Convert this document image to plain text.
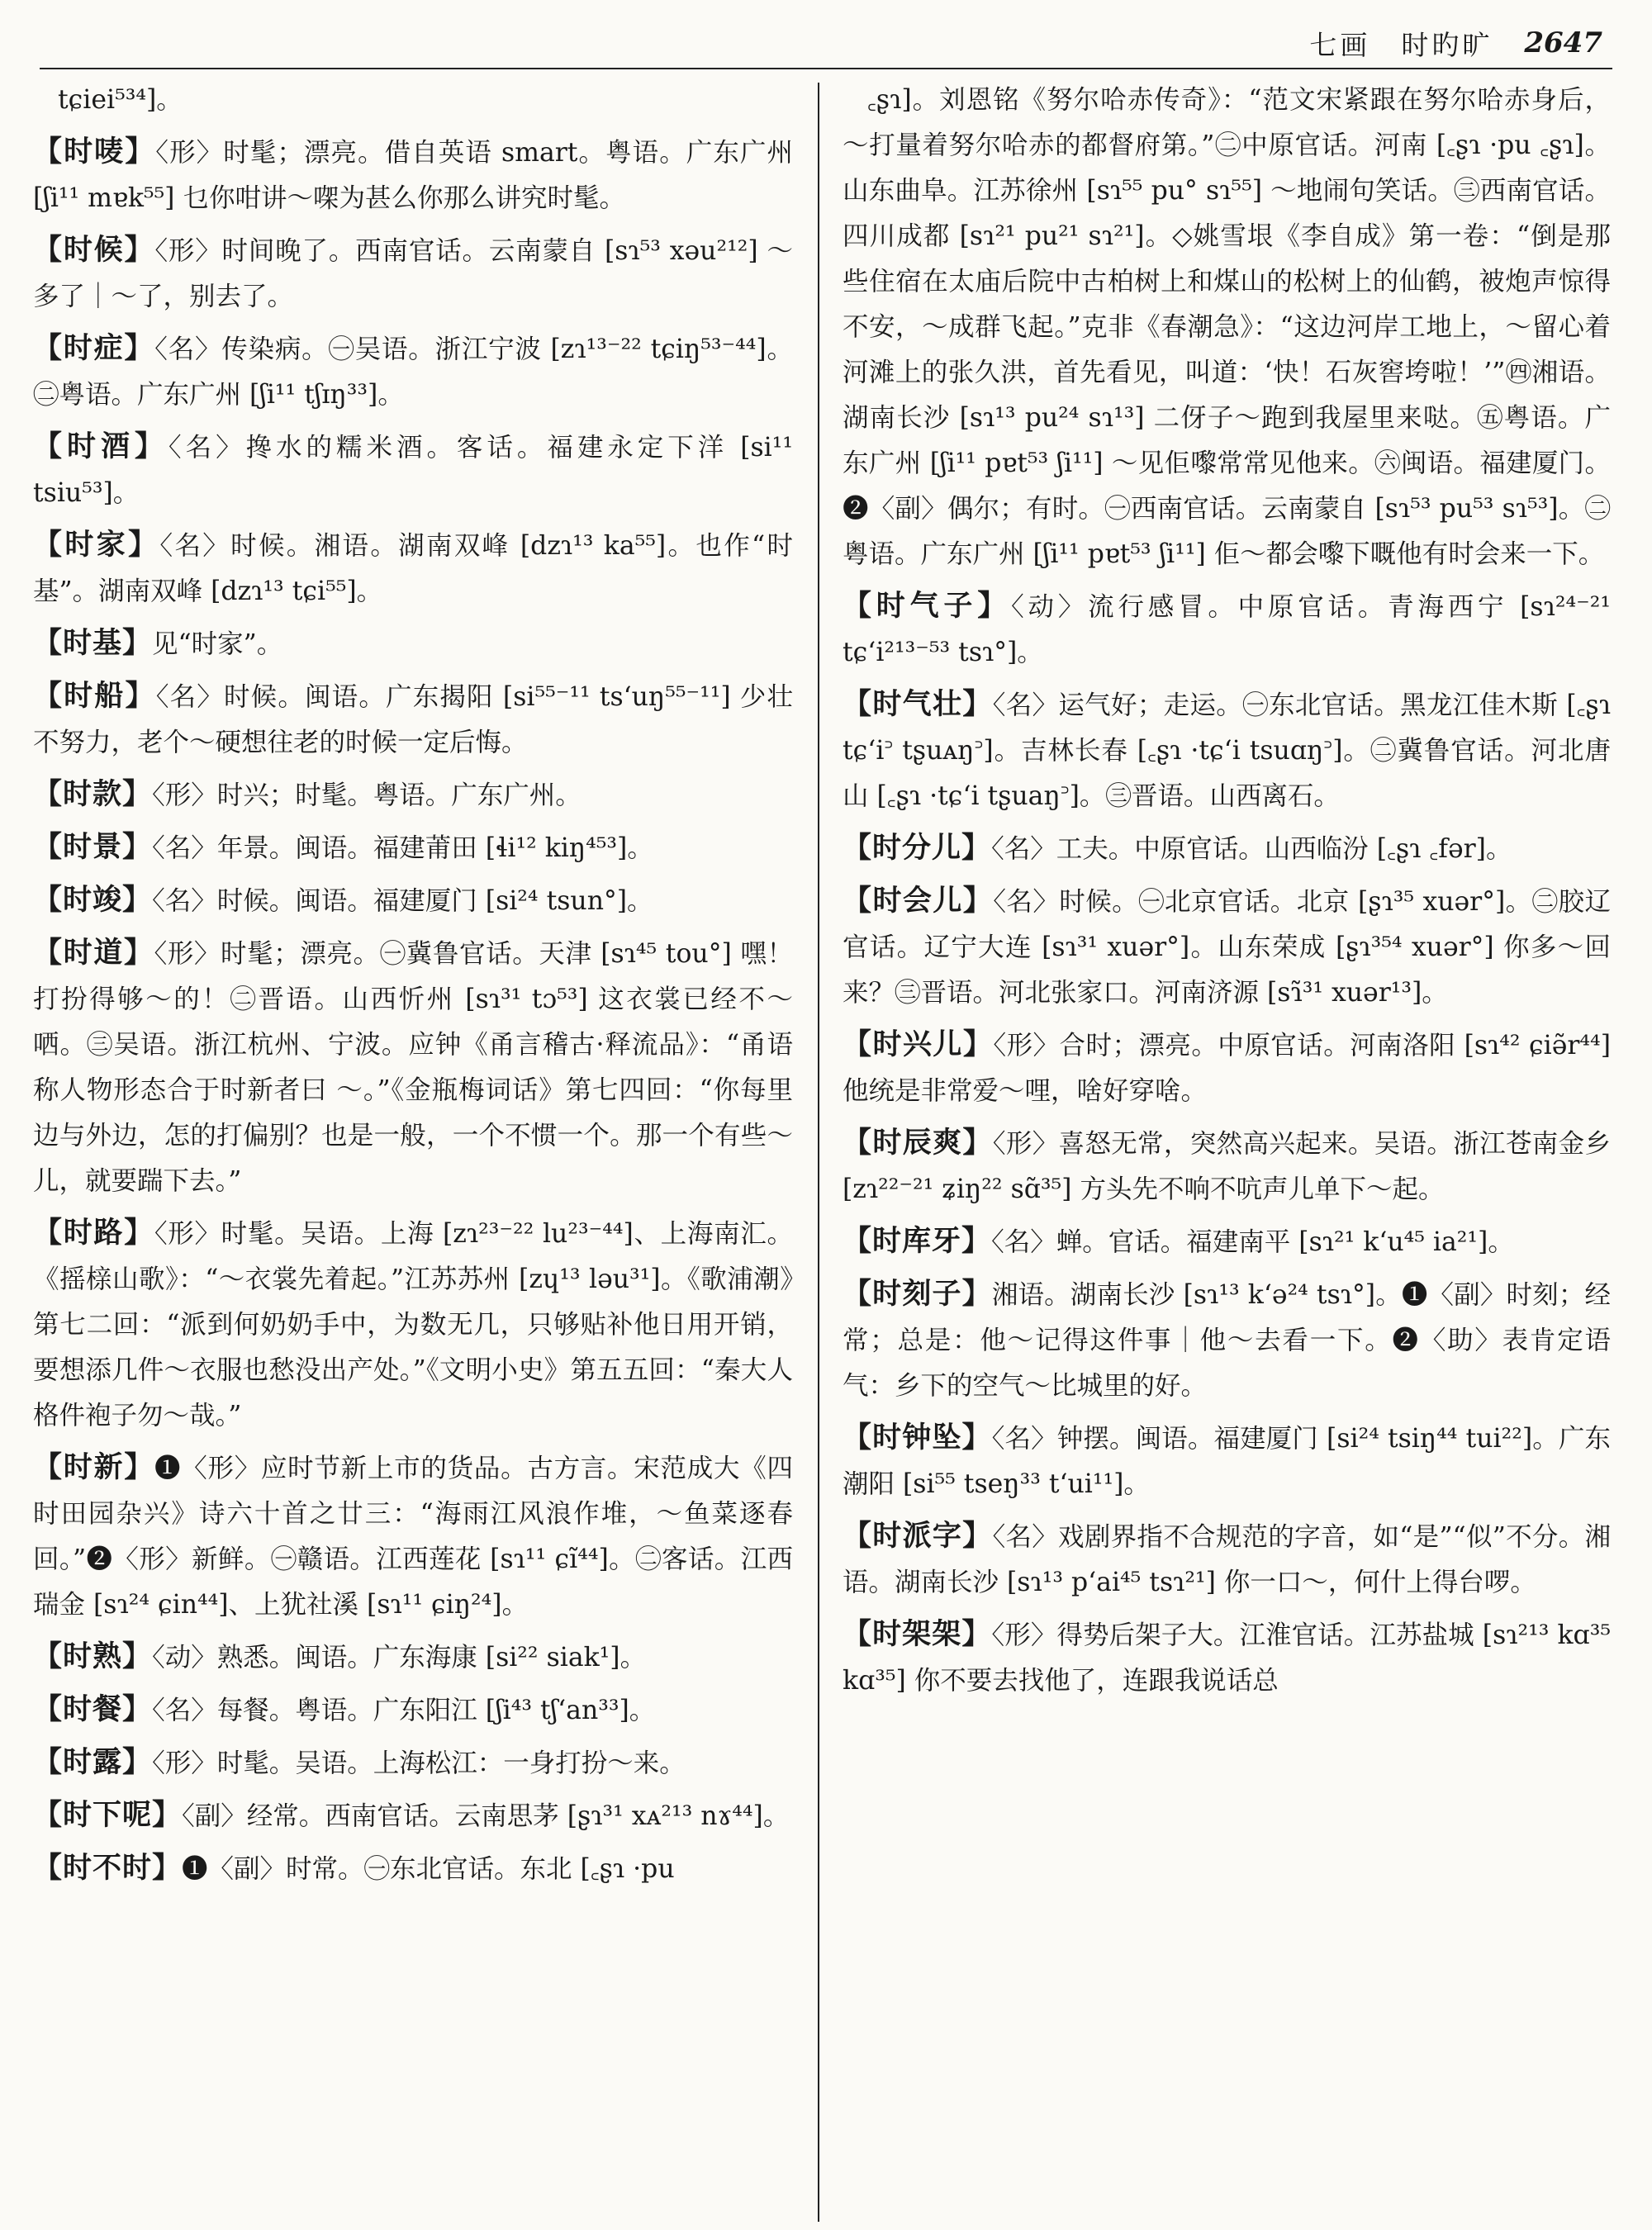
七画　时旳旷 2647

tɕiei⁵³⁴]。

【时唛】〈形〉时髦；漂亮。借自英语 smart。粤语。广东广州 [ʃi¹¹ mɐk⁵⁵] 乜你咁讲～㗎为甚么你那么讲究时髦。

【时候】〈形〉时间晚了。西南官话。云南蒙自 [sɿ⁵³ xəu²¹²] ～多了｜～了，别去了。

【时症】〈名〉传染病。㊀吴语。浙江宁波 [zɿ¹³⁻²² tɕiŋ⁵³⁻⁴⁴]。㊁粤语。广东广州 [ʃi¹¹ tʃɪŋ³³]。

【时酒】〈名〉搀水的糯米酒。客话。福建永定下洋 [si¹¹ tsiu⁵³]。

【时家】〈名〉时候。湘语。湖南双峰 [dzɿ¹³ ka⁵⁵]。也作“时基”。湖南双峰 [dzɿ¹³ tɕi⁵⁵]。

【时基】见“时家”。

【时船】〈名〉时候。闽语。广东揭阳 [si⁵⁵⁻¹¹ tsʻuŋ⁵⁵⁻¹¹] 少壮不努力，老个～硬想往老的时候一定后悔。

【时款】〈形〉时兴；时髦。粤语。广东广州。

【时景】〈名〉年景。闽语。福建莆田 [ɬi¹² kiŋ⁴⁵³]。

【时竣】〈名〉时候。闽语。福建厦门 [si²⁴ tsun°]。

【时道】〈形〉时髦；漂亮。㊀冀鲁官话。天津 [sɿ⁴⁵ tou°] 嘿！打扮得够～的！㊁晋语。山西忻州 [sɿ³¹ tɔ⁵³] 这衣裳已经不～哂。㊂吴语。浙江杭州、宁波。应钟《甬言稽古·释流品》：“甬语称人物形态合于时新者曰 ～。”《金瓶梅词话》第七四回：“你每里边与外边，怎的打偏别？也是一般，一个不惯一个。那一个有些～儿，就要踹下去。”

【时路】〈形〉时髦。吴语。上海 [zɿ²³⁻²² lu²³⁻⁴⁴]、上海南汇。《摇榇山歌》：“～衣裳先着起。”江苏苏州 [zɥ¹³ ləu³¹]。《歌浦潮》第七二回：“派到何奶奶手中，为数无几，只够贴补他日用开销，要想添几件～衣服也愁没出产处。”《文明小史》第五五回：“秦大人格件袍子勿～哉。”

【时新】❶〈形〉应时节新上市的货品。古方言。宋范成大《四时田园杂兴》诗六十首之廿三：“海雨江风浪作堆，～鱼菜逐春回。”❷〈形〉新鲜。㊀赣语。江西莲花 [sɿ¹¹ ɕĩ⁴⁴]。㊁客话。江西瑞金 [sɿ²⁴ ɕin⁴⁴]、上犹社溪 [sɿ¹¹ ɕiŋ²⁴]。

【时熟】〈动〉熟悉。闽语。广东海康 [si²² siak¹]。

【时餐】〈名〉每餐。粤语。广东阳江 [ʃi⁴³ tʃʻan³³]。

【时露】〈形〉时髦。吴语。上海松江：一身打扮～来。

【时下呢】〈副〉经常。西南官话。云南思茅 [ʂɿ³¹ xᴀ²¹³ nɤ⁴⁴]。

【时不时】❶〈副〉时常。㊀东北官话。东北 [꜀ʂɿ ·pu

꜀ʂɿ]。刘恩铭《努尔哈赤传奇》：“范文宋紧跟在努尔哈赤身后，～打量着努尔哈赤的都督府第。”㊁中原官话。河南 [꜀ʂɿ ·pu ꜀ʂɿ]。山东曲阜。江苏徐州 [sɿ⁵⁵ pu° sɿ⁵⁵] ～地闹句笑话。㊂西南官话。四川成都 [sɿ²¹ pu²¹ sɿ²¹]。◇姚雪垠《李自成》第一卷：“倒是那些住宿在太庙后院中古柏树上和煤山的松树上的仙鹤，被炮声惊得不安，～成群飞起。”克非《春潮急》：“这边河岸工地上，～留心着河滩上的张久洪，首先看见，叫道：‘快！石灰窖垮啦！’”㊃湘语。湖南长沙 [sɿ¹³ pu²⁴ sɿ¹³] 二伢子～跑到我屋里来哒。㊄粤语。广东广州 [ʃi¹¹ pɐt⁵³ ʃi¹¹] ～见佢嚟常常见他来。㊅闽语。福建厦门。❷〈副〉偶尔；有时。㊀西南官话。云南蒙自 [sɿ⁵³ pu⁵³ sɿ⁵³]。㊁粤语。广东广州 [ʃi¹¹ pɐt⁵³ ʃi¹¹] 佢～都会嚟下嘅他有时会来一下。

【时气子】〈动〉流行感冒。中原官话。青海西宁 [sɿ²⁴⁻²¹ tɕʻi²¹³⁻⁵³ tsɿ°]。

【时气壮】〈名〉运气好；走运。㊀东北官话。黑龙江佳木斯 [꜀ʂɿ tɕʻi꜄ tʂuᴀŋ꜄]。吉林长春 [꜀ʂɿ ·tɕʻi tsuɑŋ꜄]。㊁冀鲁官话。河北唐山 [꜀ʂɿ ·tɕʻi tʂuaŋ꜄]。㊂晋语。山西离石。

【时分儿】〈名〉工夫。中原官话。山西临汾 [꜀ʂɿ ꜀fər]。

【时会儿】〈名〉时候。㊀北京官话。北京 [ʂɿ³⁵ xuər°]。㊁胶辽官话。辽宁大连 [sɿ³¹ xuər°]。山东荣成 [ʂɿ³⁵⁴ xuər°] 你多～回来？㊂晋语。河北张家口。河南济源 [sɿ̃³¹ xuər¹³]。

【时兴儿】〈形〉合时；漂亮。中原官话。河南洛阳 [sɿ⁴² ɕiə̃r⁴⁴] 他统是非常爱～哩，啥好穿啥。

【时辰爽】〈形〉喜怒无常，突然高兴起来。吴语。浙江苍南金乡 [zɿ²²⁻²¹ ʑiŋ²² sɑ̃³⁵] 方头先不响不吭声儿单下～起。

【时库牙】〈名〉蝉。官话。福建南平 [sɿ²¹ kʻu⁴⁵ ia²¹]。

【时刻子】湘语。湖南长沙 [sɿ¹³ kʻə²⁴ tsɿ°]。❶〈副〉时刻；经常；总是：他～记得这件事｜他～去看一下。❷〈助〉表肯定语气：乡下的空气～比城里的好。

【时钟坠】〈名〉钟摆。闽语。福建厦门 [si²⁴ tsiŋ⁴⁴ tui²²]。广东潮阳 [si⁵⁵ tseŋ³³ tʻui¹¹]。

【时派字】〈名〉戏剧界指不合规范的字音，如“是”“似”不分。湘语。湖南长沙 [sɿ¹³ pʻai⁴⁵ tsɿ²¹] 你一口～，何什上得台啰。

【时架架】〈形〉得势后架子大。江淮官话。江苏盐城 [sɿ²¹³ kɑ³⁵ kɑ³⁵] 你不要去找他了，连跟我说话总
